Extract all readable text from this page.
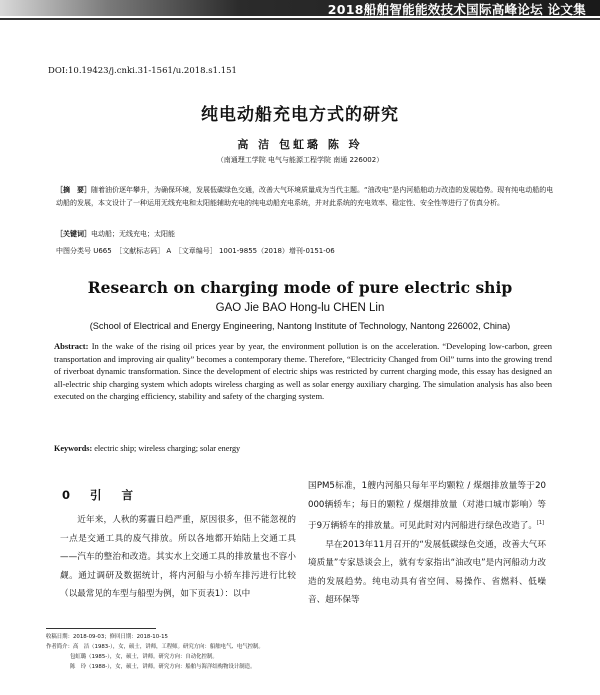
2018船舶智能能效技术国际高峰论坛 论文集
DOI:10.19423/j.cnki.31-1561/u.2018.s1.151
纯电动船充电方式的研究
高 洁 包虹璐 陈 玲
（南通理工学院 电气与能源工程学院 南通 226002）
［摘　要］随着油价逐年攀升，为确保环境，发展低碳绿色交通，改善大气环境质量成为当代主题。“油改电”是内河船舶动力改造的发展趋势。现有纯电动船的电动船的发展，本文设计了一种运用无线充电和太阳能辅助充电的纯电动船充电系统，并对此系统的充电效率、稳定性、安全性等进行了仿真分析。
［关键词］电动船；无线充电；太阳能
中图分类号 U665　［文献标志码］ A　［文章编号］ 1001-9855（2018）增刊-0151-06
Research on charging mode of pure electric ship
GAO Jie BAO Hong-lu CHEN Lin
(School of Electrical and Energy Engineering, Nantong Institute of Technology, Nantong 226002, China)
Abstract: In the wake of the rising oil prices year by year, the environment pollution is on the acceleration. “Developing low-carbon, green transportation and improving air quality” becomes a contemporary theme. Therefore, “Electricity Changed from Oil” turns into the growing trend of riverboat dynamic transformation. Since the development of electric ships was restricted by current charging mode, this essay has designed an all-electric ship charging system which adopts wireless charging as well as solar energy auxiliary charging. The simulation analysis has also been executed on the charging efficiency, stability and safety of the charging system.
Keywords: electric ship; wireless charging; solar energy
0 引 言

近年来，人秋的雾霾日趋严重，原因很多，但不能忽视的一点是交通工具的废气排放。所以各地都开始陆上交通工具——汽车的整治和改造。其实水上交通工具的排放量也不容小觑。通过调研及数据统计，将内河船与小轿车排污进行比较（以最常见的车型与船型为例，如下页表1）：以中

国PM5标准，1艘内河船只每年平均颗粒 / 煤烟排放量等于20 000辆轿车；每日的颗粒 / 煤烟排放量（对港口城市影响）等于9万辆轿车的排放量。可见此时对内河船进行绿色改造了。[1]

早在2013年11月召开的“发展低碳绿色交通，改善大气环境质量”专家恳谈会上，就有专家指出“油改电”是内河船动力改造的发展趋势。纯电动具有省空间、易操作、省燃料、低噪音、超环保等

收稿日期：2018-09-03；修回日期：2018-10-15
作者简介：高　洁（1983-），女，硕士，讲师，工程师。研究方向：船舶电气、电气控制。
包虹璐（1985-），女，硕士，讲师。研究方向：自动化控制。
陈　玲（1988-），女，硕士，讲师。研究方向：船舶与海洋结构物设计制造。
